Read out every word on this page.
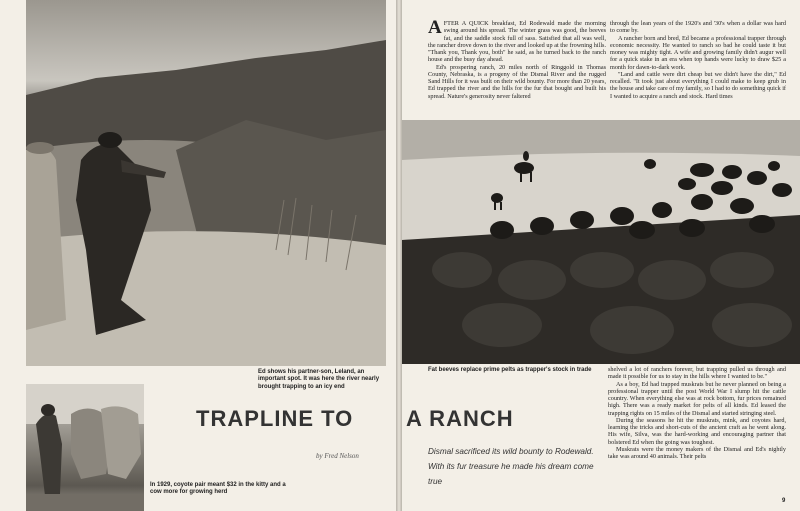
Ed shows his partner-son, Leland, an important spot. It was here the river nearly brought trapping to an icy end

In 1929, coyote pair meant $32 in the kitty and a cow more for growing herd

TRAPLINE TO
by Fred Nelson

AFTER A QUICK breakfast, Ed Rodewald made the morning swing around his spread. The winter grass was good, the beeves fat, and the saddle stock full of sass. Satisfied that all was well, the rancher drove down to the river and looked up at the frowning hills. "Thank you, Thank you, both" he said, as he turned back to the ranch house and the busy day ahead.

Ed's prospering ranch, 20 miles north of Ringgold in Thomas County, Nebraska, is a progeny of the Dismal River and the rugged Sand Hills for it was built on their wild bounty. For more than 20 years, Ed trapped the river and the hills for the fur that bought and built his spread. Nature's generosity never faltered

through the lean years of the 1920's and '30's when a dollar was hard to come by.

A rancher born and bred, Ed became a professional trapper through economic necessity. He wanted to ranch so bad he could taste it but money was mighty tight. A wife and growing family didn't augur well for a quick stake in an era when top hands were lucky to draw $25 a month for dawn-to-dark work.

"Land and cattle were dirt cheap but we didn't have the dirt," Ed recalled. "It took just about everything I could make to keep grub in the house and take care of my family, so I had to do something quick if I wanted to acquire a ranch and stock. Hard times

Fat beeves replace prime pelts as trapper's stock in trade

A RANCH

Dismal sacrificed its wild bounty to Rodewald. With its fur treasure he made his dream come true

shelved a lot of ranchers forever, but trapping pulled us through and made it possible for us to stay in the hills where I wanted to be."

As a boy, Ed had trapped muskrats but he never planned on being a professional trapper until the post World War I slump hit the cattle country. When everything else was at rock bottom, fur prices remained high. There was a ready market for pelts of all kinds. Ed leased the trapping rights on 15 miles of the Dismal and started stringing steel.

During the seasons he hit the muskrats, mink, and coyotes hard, learning the tricks and short-cuts of the ancient craft as he went along. His wife, Silva, was the hard-working and encouraging partner that bolstered Ed when the going was toughest.

Muskrats were the money makers of the Dismal and Ed's nightly take was around 40 animals. Their pelts

9
